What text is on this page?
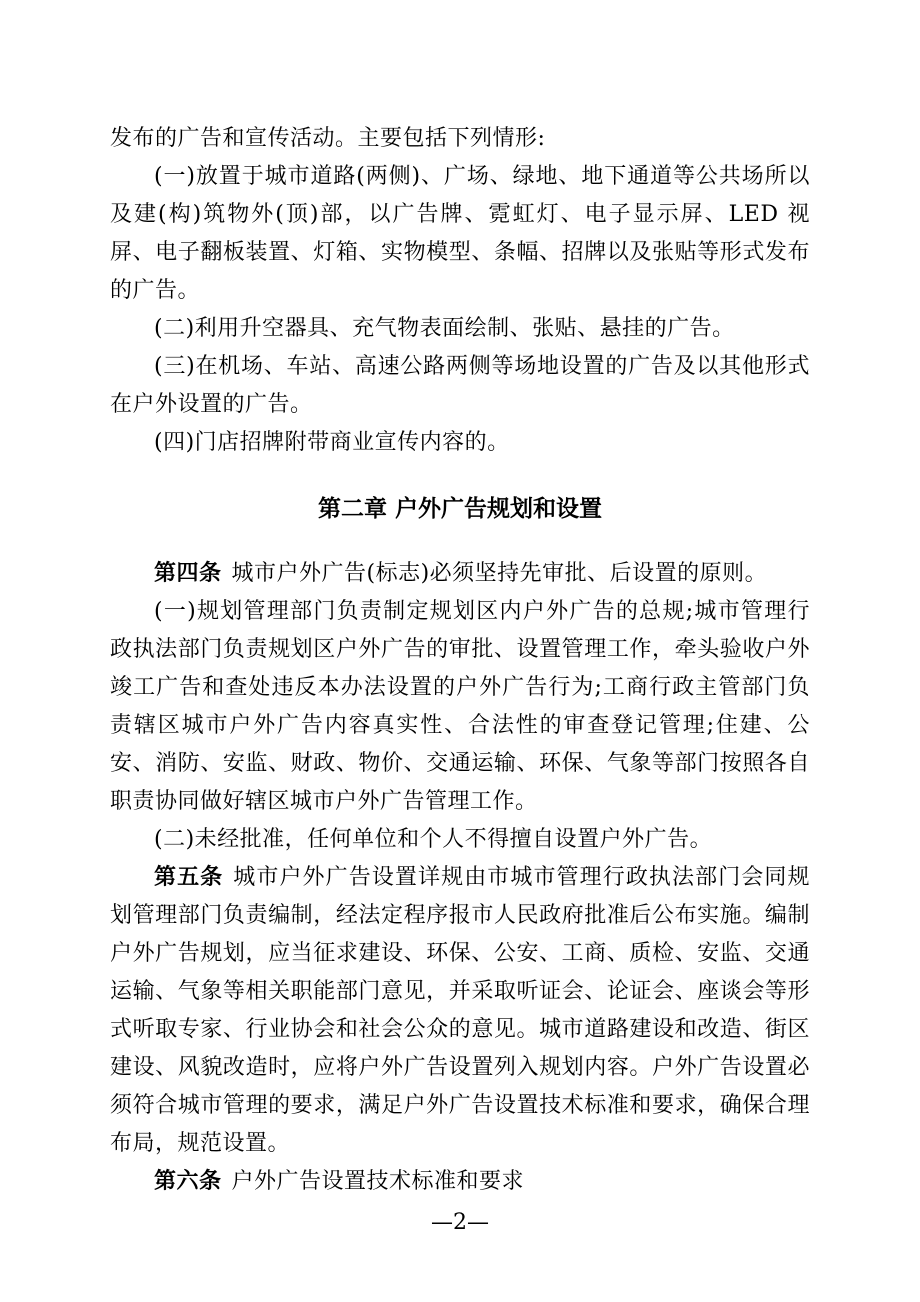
发布的广告和宣传活动。主要包括下列情形:

(一)放置于城市道路(两侧)、广场、绿地、地下通道等公共场所以及建(构)筑物外(顶)部，以广告牌、霓虹灯、电子显示屏、LED 视屏、电子翻板装置、灯箱、实物模型、条幅、招牌以及张贴等形式发布的广告。

(二)利用升空器具、充气物表面绘制、张贴、悬挂的广告。

(三)在机场、车站、高速公路两侧等场地设置的广告及以其他形式在户外设置的广告。

(四)门店招牌附带商业宣传内容的。

第二章 户外广告规划和设置

第四条 城市户外广告(标志)必须坚持先审批、后设置的原则。

(一)规划管理部门负责制定规划区内户外广告的总规;城市管理行政执法部门负责规划区户外广告的审批、设置管理工作，牵头验收户外竣工广告和查处违反本办法设置的户外广告行为;工商行政主管部门负责辖区城市户外广告内容真实性、合法性的审查登记管理;住建、公安、消防、安监、财政、物价、交通运输、环保、气象等部门按照各自职责协同做好辖区城市户外广告管理工作。

(二)未经批准，任何单位和个人不得擅自设置户外广告。

第五条 城市户外广告设置详规由市城市管理行政执法部门会同规划管理部门负责编制，经法定程序报市人民政府批准后公布实施。编制户外广告规划，应当征求建设、环保、公安、工商、质检、安监、交通运输、气象等相关职能部门意见，并采取听证会、论证会、座谈会等形式听取专家、行业协会和社会公众的意见。城市道路建设和改造、街区建设、风貌改造时，应将户外广告设置列入规划内容。户外广告设置必须符合城市管理的要求，满足户外广告设置技术标准和要求，确保合理布局，规范设置。

第六条 户外广告设置技术标准和要求

—2—
